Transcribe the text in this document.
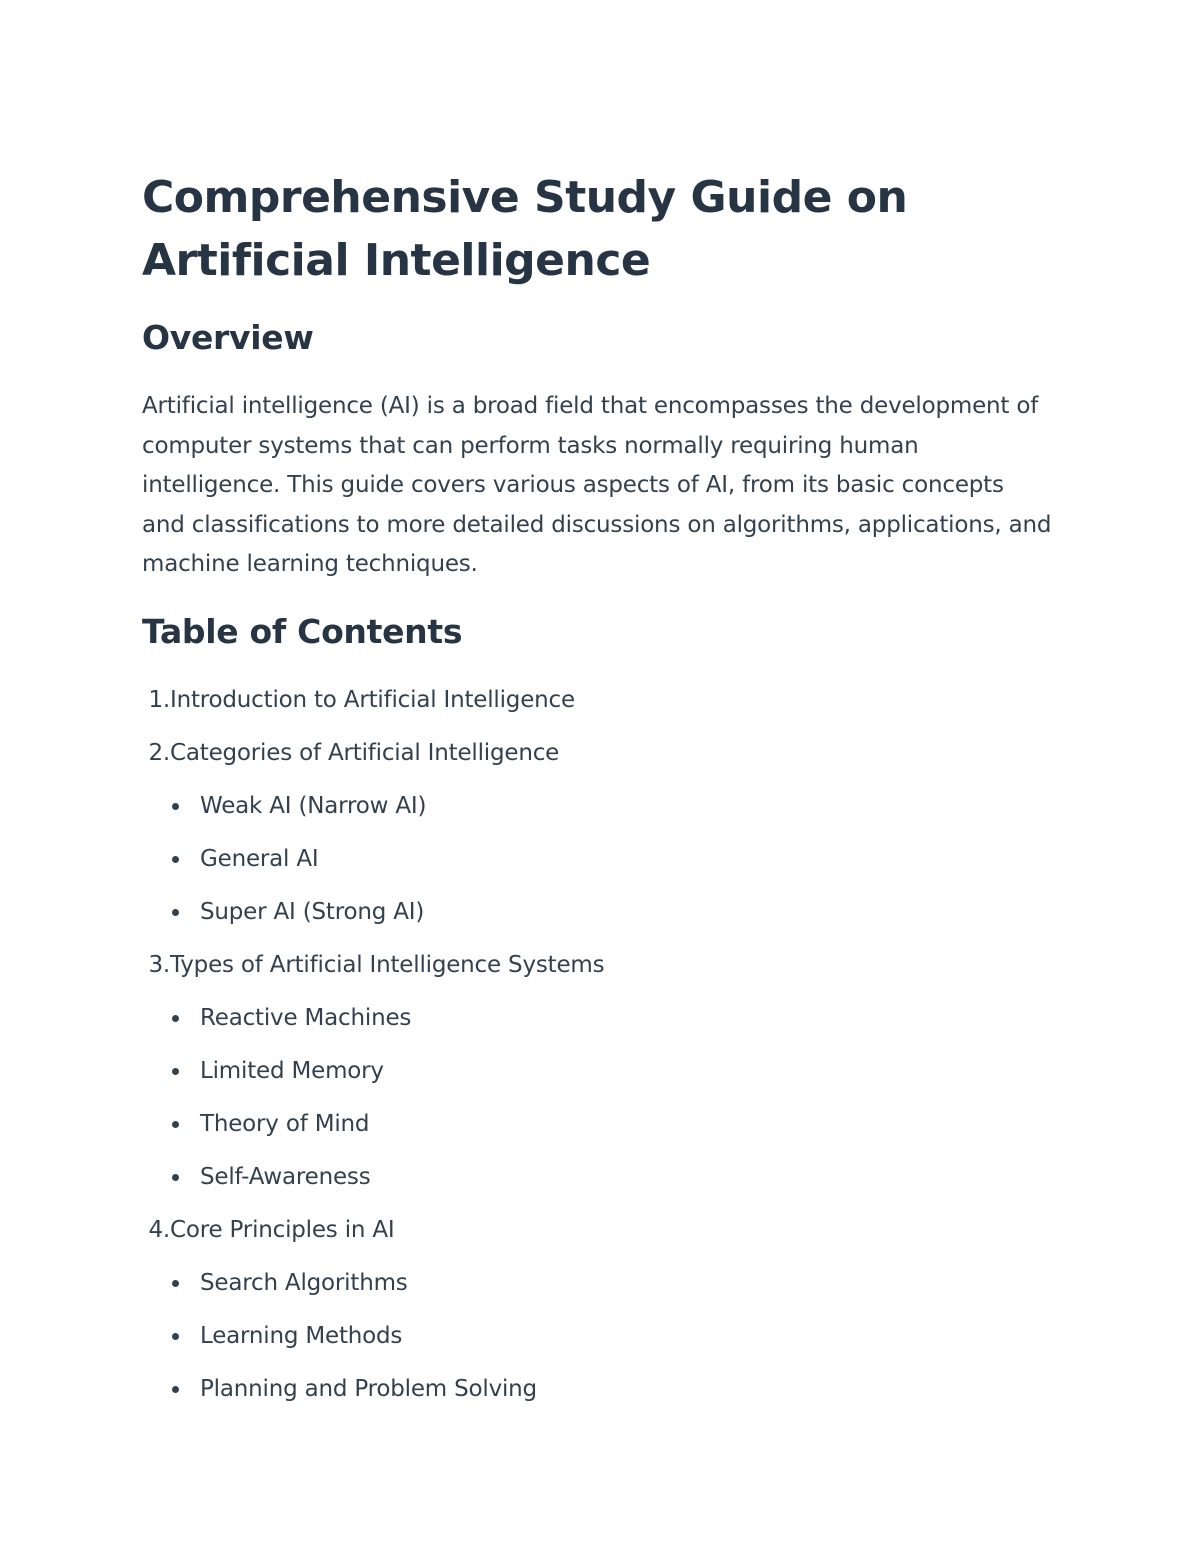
Comprehensive Study Guide on Artificial Intelligence
Overview

Artificial intelligence (AI) is a broad field that encompasses the development of computer systems that can perform tasks normally requiring human intelligence. This guide covers various aspects of AI, from its basic concepts and classifications to more detailed discussions on algorithms, applications, and machine learning techniques.

Table of Contents
1. Introduction to Artificial Intelligence
2. Categories of Artificial Intelligence
Weak AI (Narrow AI)
General AI
Super AI (Strong AI)
3. Types of Artificial Intelligence Systems
Reactive Machines
Limited Memory
Theory of Mind
Self-Awareness
4. Core Principles in AI
Search Algorithms
Learning Methods
Planning and Problem Solving
